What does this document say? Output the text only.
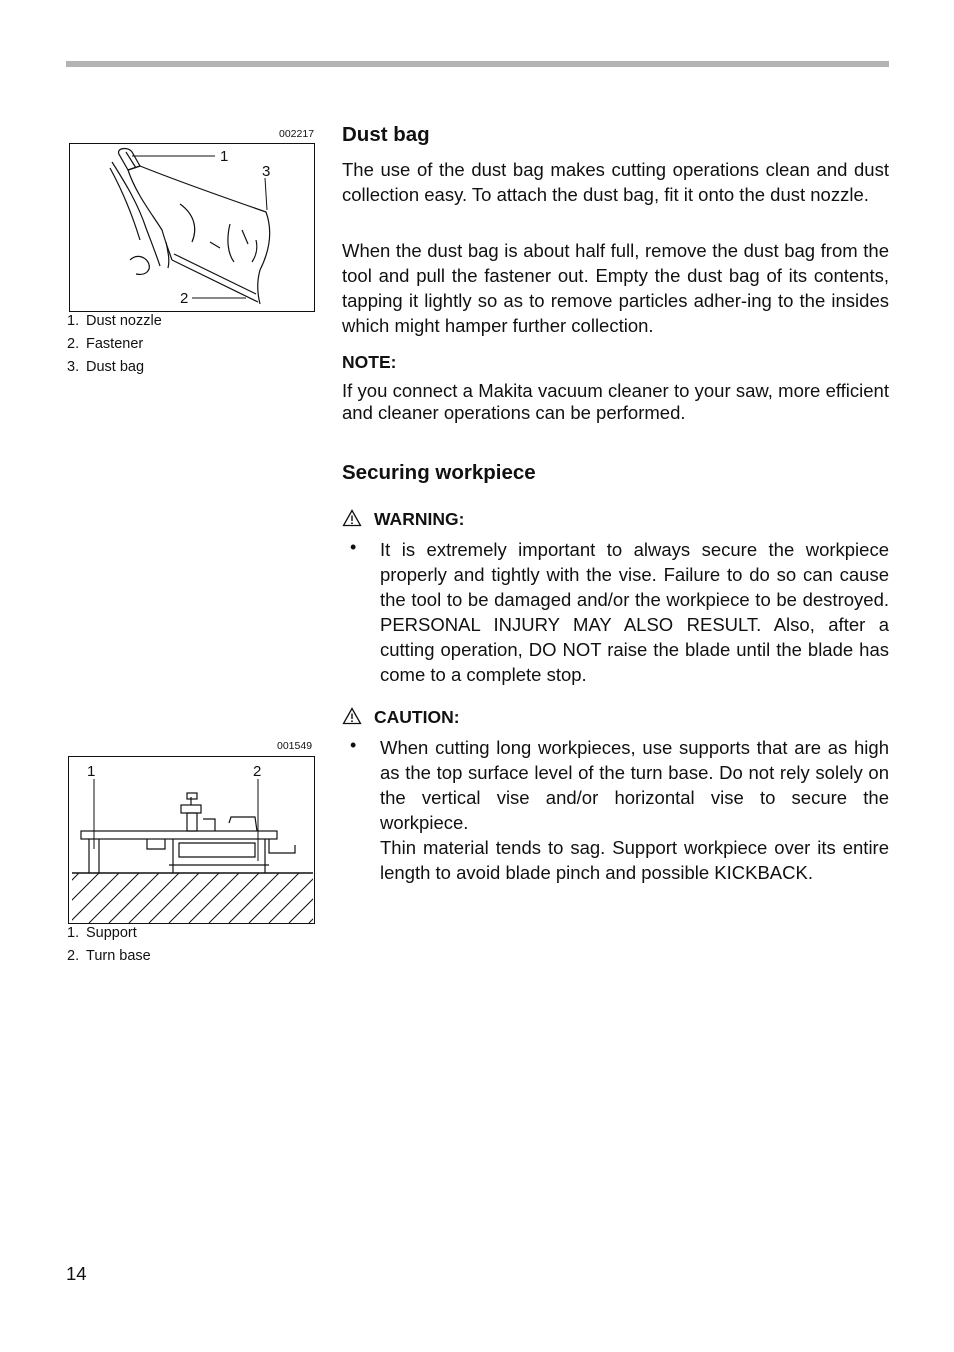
002217
1
2
3
1. Dust nozzle
2. Fastener
3. Dust bag
001549
1	2
1. Support
2. Turn base
Dust bag

The use of the dust bag makes cutting operations clean and dust collection easy. To attach the dust bag, fit it onto the dust nozzle.

When the dust bag is about half full, remove the dust bag from the tool and pull the fastener out. Empty the dust bag of its contents, tapping it lightly so as to remove particles adher-ing to the insides which might hamper further collection.

NOTE:

If you connect a Makita vacuum cleaner to your saw, more efficient and cleaner operations can be performed.

Securing workpiece
WARNING:
• It is extremely important to always secure the workpiece properly and tightly with the vise. Failure to do so can cause the tool to be damaged and/or the workpiece to be destroyed. PERSONAL INJURY MAY ALSO RESULT. Also, after a cutting operation, DO NOT raise the blade until the blade has come to a complete stop.

CAUTION:
• When cutting long workpieces, use supports that are as high as the top surface level of the turn base. Do not rely solely on the vertical vise and/or horizontal vise to secure the workpiece.

Thin material tends to sag. Support workpiece over its entire length to avoid blade pinch and possible KICKBACK.

14
